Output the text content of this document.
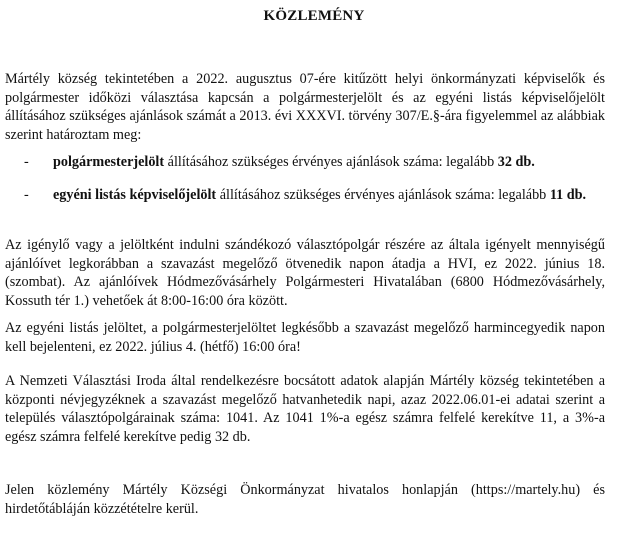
KÖZLEMÉNY

Mártély község tekintetében a 2022. augusztus 07-ére kitűzött helyi önkormányzati képviselők és polgármester időközi választása kapcsán a polgármesterjelölt és az egyéni listás képviselőjelölt állításához szükséges ajánlások számát a 2013. évi XXXVI. törvény 307/E.§-ára figyelemmel az alábbiak szerint határoztam meg:

- polgármesterjelölt állításához szükséges érvényes ajánlások száma: legalább 32 db.
- egyéni listás képviselőjelölt állításához szükséges érvényes ajánlások száma: legalább 11 db.

Az igénylő vagy a jelöltként indulni szándékozó választópolgár részére az általa igényelt mennyiségű ajánlóívet legkorábban a szavazást megelőző ötvenedik napon átadja a HVI, ez 2022. június 18. (szombat). Az ajánlóívek Hódmezővásárhely Polgármesteri Hivatalában (6800 Hódmezővásárhely, Kossuth tér 1.) vehetőek át 8:00-16:00 óra között.

Az egyéni listás jelöltet, a polgármesterjelöltet legkésőbb a szavazást megelőző harmincegyedik napon kell bejelenteni, ez 2022. július 4. (hétfő) 16:00 óra!

A Nemzeti Választási Iroda által rendelkezésre bocsátott adatok alapján Mártély község tekintetében a központi névjegyzéknek a szavazást megelőző hatvanhetedik napi, azaz 2022.06.01-ei adatai szerint a település választópolgárainak száma: 1041. Az 1041 1%-a egész számra felfelé kerekítve 11, a 3%-a egész számra felfelé kerekítve pedig 32 db.

Jelen közlemény Mártély Községi Önkormányzat hivatalos honlapján (https://martely.hu) és hirdetőtábláján közzétételre kerül.
